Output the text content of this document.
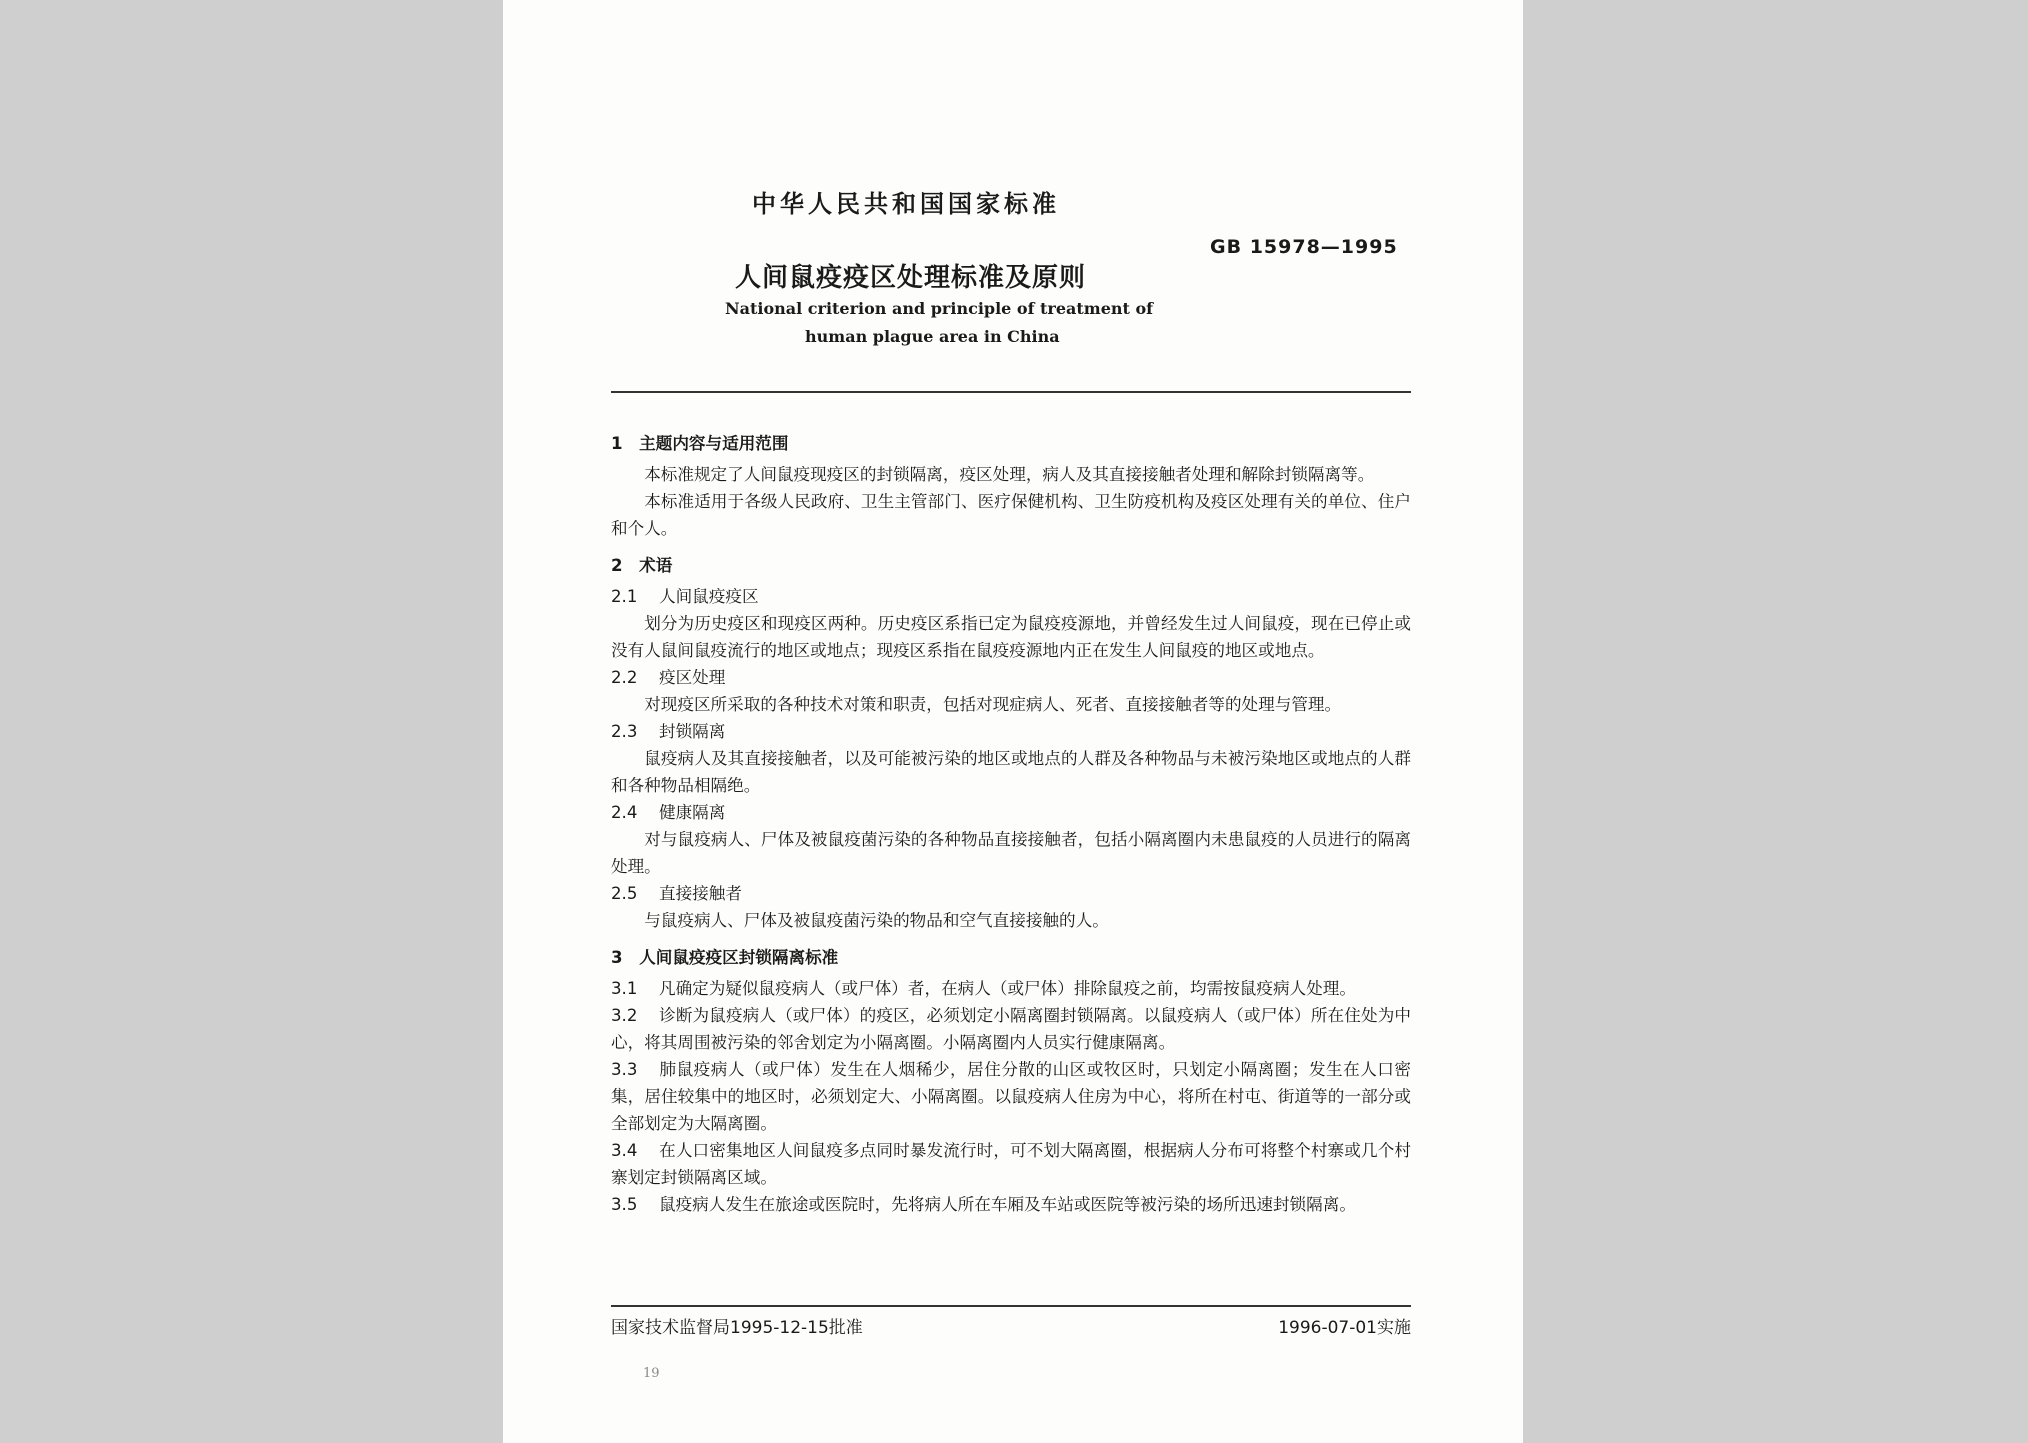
中华人民共和国国家标准
GB 15978—1995
人间鼠疫疫区处理标准及原则
National criterion and principle of treatment of
human plague area in China
1　主题内容与适用范围
本标准规定了人间鼠疫现疫区的封锁隔离，疫区处理，病人及其直接接触者处理和解除封锁隔离等。
本标准适用于各级人民政府、卫生主管部门、医疗保健机构、卫生防疫机构及疫区处理有关的单位、住户和个人。
2　术语
2.1 人间鼠疫疫区
划分为历史疫区和现疫区两种。历史疫区系指已定为鼠疫疫源地，并曾经发生过人间鼠疫，现在已停止或没有人鼠间鼠疫流行的地区或地点；现疫区系指在鼠疫疫源地内正在发生人间鼠疫的地区或地点。
2.2 疫区处理
对现疫区所采取的各种技术对策和职责，包括对现症病人、死者、直接接触者等的处理与管理。
2.3 封锁隔离
鼠疫病人及其直接接触者，以及可能被污染的地区或地点的人群及各种物品与未被污染地区或地点的人群和各种物品相隔绝。
2.4 健康隔离
对与鼠疫病人、尸体及被鼠疫菌污染的各种物品直接接触者，包括小隔离圈内未患鼠疫的人员进行的隔离处理。
2.5 直接接触者
与鼠疫病人、尸体及被鼠疫菌污染的物品和空气直接接触的人。
3　人间鼠疫疫区封锁隔离标准
3.1 凡确定为疑似鼠疫病人（或尸体）者，在病人（或尸体）排除鼠疫之前，均需按鼠疫病人处理。
3.2 诊断为鼠疫病人（或尸体）的疫区，必须划定小隔离圈封锁隔离。以鼠疫病人（或尸体）所在住处为中心，将其周围被污染的邻舍划定为小隔离圈。小隔离圈内人员实行健康隔离。
3.3 肺鼠疫病人（或尸体）发生在人烟稀少，居住分散的山区或牧区时，只划定小隔离圈；发生在人口密集，居住较集中的地区时，必须划定大、小隔离圈。以鼠疫病人住房为中心，将所在村屯、街道等的一部分或全部划定为大隔离圈。
3.4 在人口密集地区人间鼠疫多点同时暴发流行时，可不划大隔离圈，根据病人分布可将整个村寨或几个村寨划定封锁隔离区域。
3.5 鼠疫病人发生在旅途或医院时，先将病人所在车厢及车站或医院等被污染的场所迅速封锁隔离。
国家技术监督局1995-12-15批准	1996-07-01实施
19
